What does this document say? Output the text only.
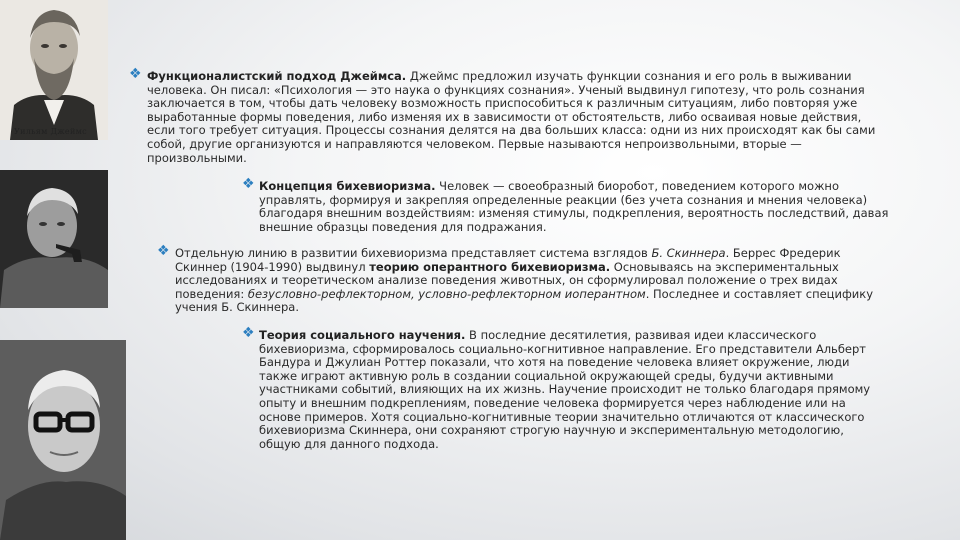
Уильям Джеймс
❖ Функционалистский подход Джеймса. Джеймс предложил изучать функции сознания и его роль в выживании человека. Он писал: «Психология — это наука о функциях сознания». Ученый выдвинул гипотезу, что роль сознания заключается в том, чтобы дать человеку возможность приспособиться к различным ситуациям, либо повторяя уже выработанные формы поведения, либо изменяя их в зависимости от обстоятельств, либо осваивая новые действия, если того требует ситуация. Процессы сознания делятся на два больших класса: одни из них происходят как бы сами собой, другие организуются и направляются человеком. Первые называются непроизвольными, вторые — произвольными.

❖ Концепция бихевиоризма. Человек — своеобразный биоробот, поведением которого можно управлять, формируя и закрепляя определенные реакции (без учета сознания и мнения человека) благодаря внешним воздействиям: изменяя стимулы, подкрепления, вероятность последствий, давая внешние образцы поведения для подражания.

❖ Отдельную линию в развитии бихевиоризма представляет система взглядов Б. Скиннера. Беррес Фредерик Скиннер (1904-1990) выдвинул теорию оперантного бихевиоризма. Основываясь на экспериментальных исследованиях и теоретическом анализе поведения животных, он сформулировал положение о трех видах поведения: безусловно-рефлекторном, условно-рефлекторном иоперантном. Последнее и составляет специфику учения Б. Скиннера.

❖ Теория социального научения. В последние десятилетия, развивая идеи классического бихевиоризма, сформировалось социально-когнитивное направление. Его представители Альберт Бандура и Джулиан Роттер показали, что хотя на поведение человека влияет окружение, люди также играют активную роль в создании социальной окружающей среды, будучи активными участниками событий, влияющих на их жизнь. Научение происходит не только благодаря прямому опыту и внешним подкреплениям, поведение человека формируется через наблюдение или на основе примеров. Хотя социально-когнитивные теории значительно отличаются от классического бихевиоризма Скиннера, они сохраняют строгую научную и экспериментальную методологию, общую для данного подхода.
